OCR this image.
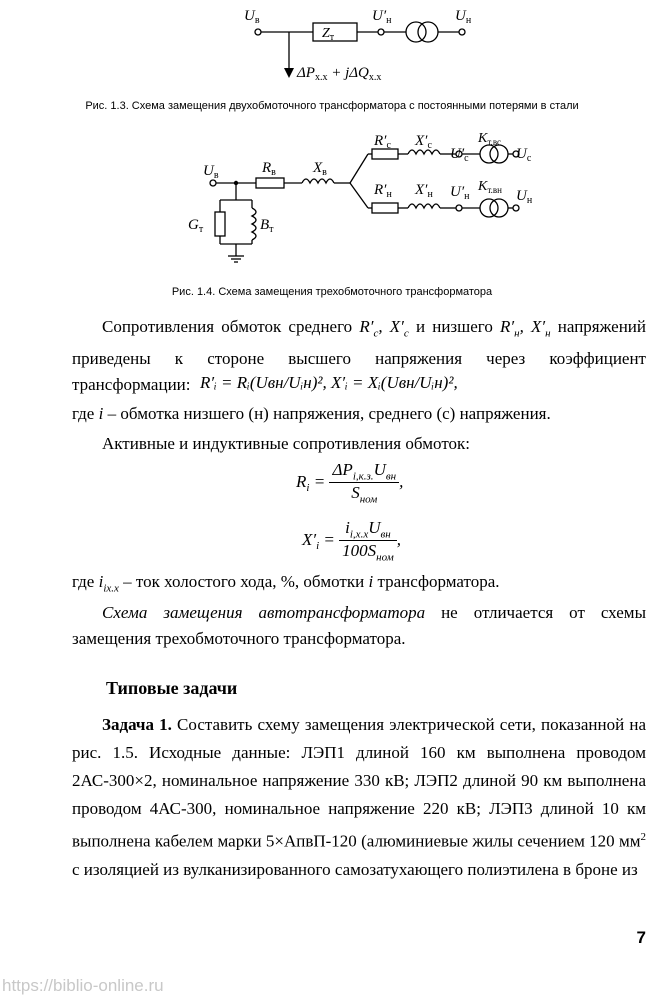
$U_в$
$Z_т$
$U'_н$	$U_н$
$\Delta P_{х.х} + j\Delta Q_{х.х}$
Рис. 1.3. Схема замещения двухобмоточного трансформатора с постоянными потерями в стали
$U_в$	$R_в$ $X_в$
$G_т$	$B_т$
$R'_с$ $X'_с$
$U'_с$
$K_{т.вс}$
$U_с$
$R'_н$ $X'_н$ $U'_н$
$K_{т.вн}$ $U_н$
Рис. 1.4. Схема замещения трехобмоточного трансформатора
Сопротивления обмоток среднего $R'_с$, $X'_с$ и низшего $R'_н$, $X'_н$ напряжений приведены к стороне высшего напряжения через коэффициент трансформации: R′ᵢ = Rᵢ(Uвн/Uᵢн)², X′ᵢ = Xᵢ(Uвн/Uᵢн)²,
где i – обмотка низшего (н) напряжения, среднего (с) напряжения.
Активные и индуктивные сопротивления обмоток:
$R_i = \frac{\Delta P_{i,к.з.}U_{вн}}{S_{ном}}$ ,
$X'_i = \frac{i_{i,х.х}U_{вн}}{100S_{ном}}$ ,
где $i_{iх.х}$ – ток холостого хода, %, обмотки i трансформатора.
Схема замещения автотрансформатора не отличается от схемы замещения трехобмоточного трансформатора.
Типовые задачи
Задача 1. Составить схему замещения электрической сети, показанной на рис. 1.5. Исходные данные: ЛЭП1 длиной 160 км выполнена проводом 2АС-300×2, номинальное напряжение 330 кВ; ЛЭП2 длиной 90 км выполнена проводом 4АС-300, номинальное напряжение 220 кВ; ЛЭП3 длиной 10 км выполнена кабелем марки 5×АпвП-120 (алюминиевые жилы сечением 120 $мм^2$ с изоляцией из вулканизированного самозатухающего полиэтилена в броне из
7
https://biblio-online.ru
